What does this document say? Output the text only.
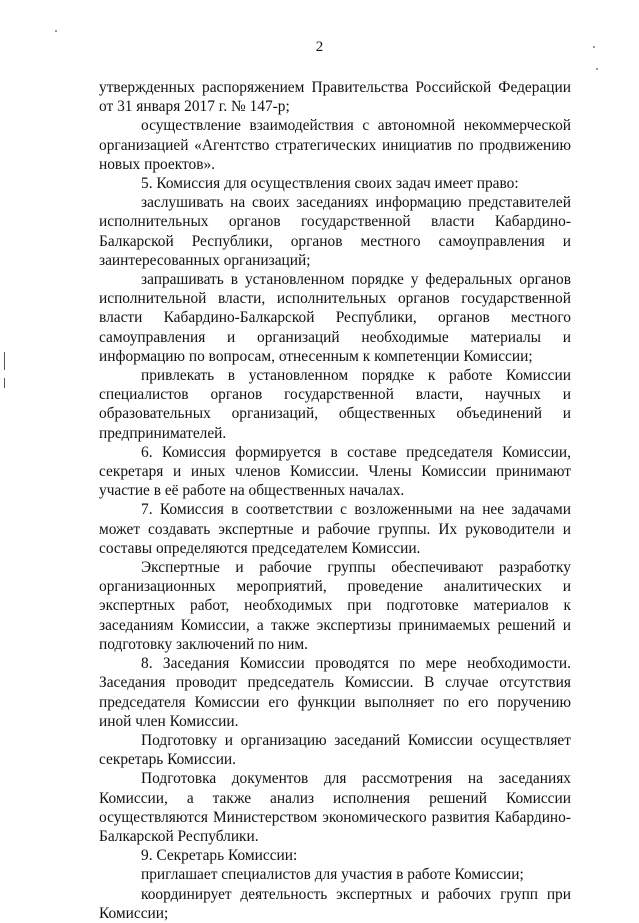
2

утвержденных распоряжением Правительства Российской Федерации от 31 января 2017 г. № 147-р;

осуществление взаимодействия с автономной некоммерческой организацией «Агентство стратегических инициатив по продвижению новых проектов».

5. Комиссия для осуществления своих задач имеет право:

заслушивать на своих заседаниях информацию представителей исполнительных органов государственной власти Кабардино-Балкарской Республики, органов местного самоуправления и заинтересованных организаций;

запрашивать в установленном порядке у федеральных органов исполнительной власти, исполнительных органов государственной власти Кабардино-Балкарской Республики, органов местного самоуправления и организаций необходимые материалы и информацию по вопросам, отнесенным к компетенции Комиссии;

привлекать в установленном порядке к работе Комиссии специалистов органов государственной власти, научных и образовательных организаций, общественных объединений и предпринимателей.

6. Комиссия формируется в составе председателя Комиссии, секретаря и иных членов Комиссии. Члены Комиссии принимают участие в её работе на общественных началах.

7. Комиссия в соответствии с возложенными на нее задачами может создавать экспертные и рабочие группы. Их руководители и составы определяются председателем Комиссии.

Экспертные и рабочие группы обеспечивают разработку организационных мероприятий, проведение аналитических и экспертных работ, необходимых при подготовке материалов к заседаниям Комиссии, а также экспертизы принимаемых решений и подготовку заключений по ним.

8. Заседания Комиссии проводятся по мере необходимости. Заседания проводит председатель Комиссии. В случае отсутствия председателя Комиссии его функции выполняет по его поручению иной член Комиссии.

Подготовку и организацию заседаний Комиссии осуществляет секретарь Комиссии.

Подготовка документов для рассмотрения на заседаниях Комиссии, а также анализ исполнения решений Комиссии осуществляются Министерством экономического развития Кабардино-Балкарской Республики.

9. Секретарь Комиссии:

приглашает специалистов для участия в работе Комиссии;

координирует деятельность экспертных и рабочих групп при Комиссии;
